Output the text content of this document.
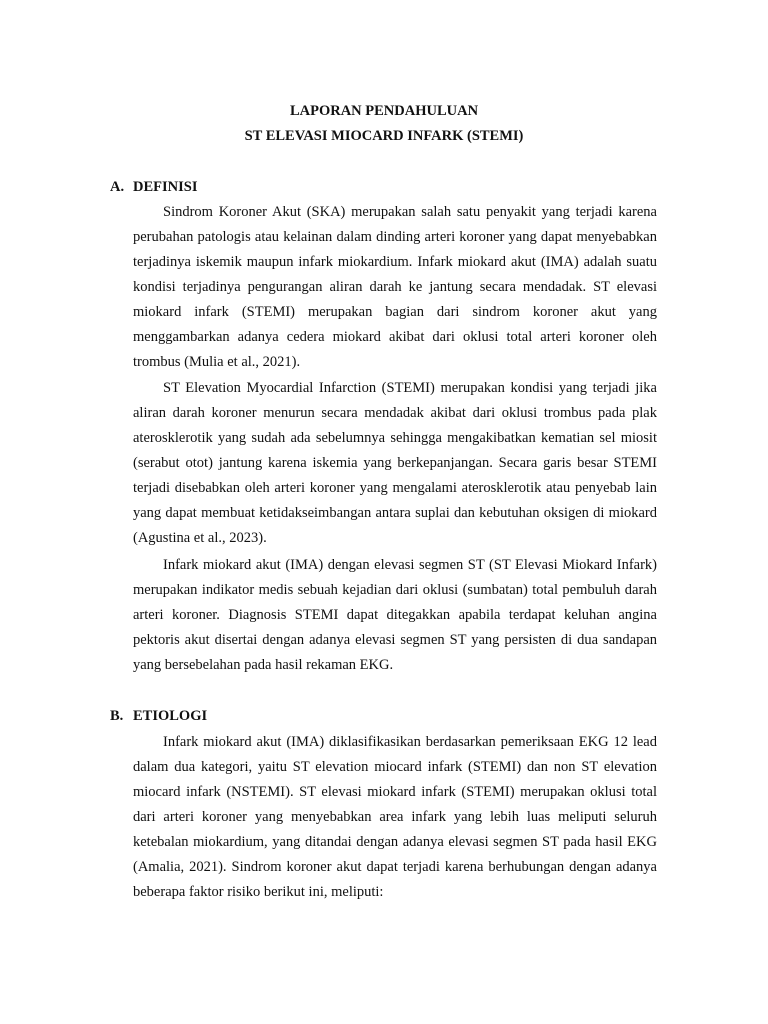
LAPORAN PENDAHULUAN
ST ELEVASI MIOCARD INFARK (STEMI)
A. DEFINISI

Sindrom Koroner Akut (SKA) merupakan salah satu penyakit yang terjadi karena perubahan patologis atau kelainan dalam dinding arteri koroner yang dapat menyebabkan terjadinya iskemik maupun infark miokardium. Infark miokard akut (IMA) adalah suatu kondisi terjadinya pengurangan aliran darah ke jantung secara mendadak. ST elevasi miokard infark (STEMI) merupakan bagian dari sindrom koroner akut yang menggambarkan adanya cedera miokard akibat dari oklusi total arteri koroner oleh trombus (Mulia et al., 2021).

ST Elevation Myocardial Infarction (STEMI) merupakan kondisi yang terjadi jika aliran darah koroner menurun secara mendadak akibat dari oklusi trombus pada plak aterosklerotik yang sudah ada sebelumnya sehingga mengakibatkan kematian sel miosit (serabut otot) jantung karena iskemia yang berkepanjangan. Secara garis besar STEMI terjadi disebabkan oleh arteri koroner yang mengalami aterosklerotik atau penyebab lain yang dapat membuat ketidakseimbangan antara suplai dan kebutuhan oksigen di miokard (Agustina et al., 2023).

Infark miokard akut (IMA) dengan elevasi segmen ST (ST Elevasi Miokard Infark) merupakan indikator medis sebuah kejadian dari oklusi (sumbatan) total pembuluh darah arteri koroner. Diagnosis STEMI dapat ditegakkan apabila terdapat keluhan angina pektoris akut disertai dengan adanya elevasi segmen ST yang persisten di dua sandapan yang bersebelahan pada hasil rekaman EKG.

B. ETIOLOGI

Infark miokard akut (IMA) diklasifikasikan berdasarkan pemeriksaan EKG 12 lead dalam dua kategori, yaitu ST elevation miocard infark (STEMI) dan non ST elevation miocard infark (NSTEMI). ST elevasi miokard infark (STEMI) merupakan oklusi total dari arteri koroner yang menyebabkan area infark yang lebih luas meliputi seluruh ketebalan miokardium, yang ditandai dengan adanya elevasi segmen ST pada hasil EKG (Amalia, 2021). Sindrom koroner akut dapat terjadi karena berhubungan dengan adanya beberapa faktor risiko berikut ini, meliputi:
